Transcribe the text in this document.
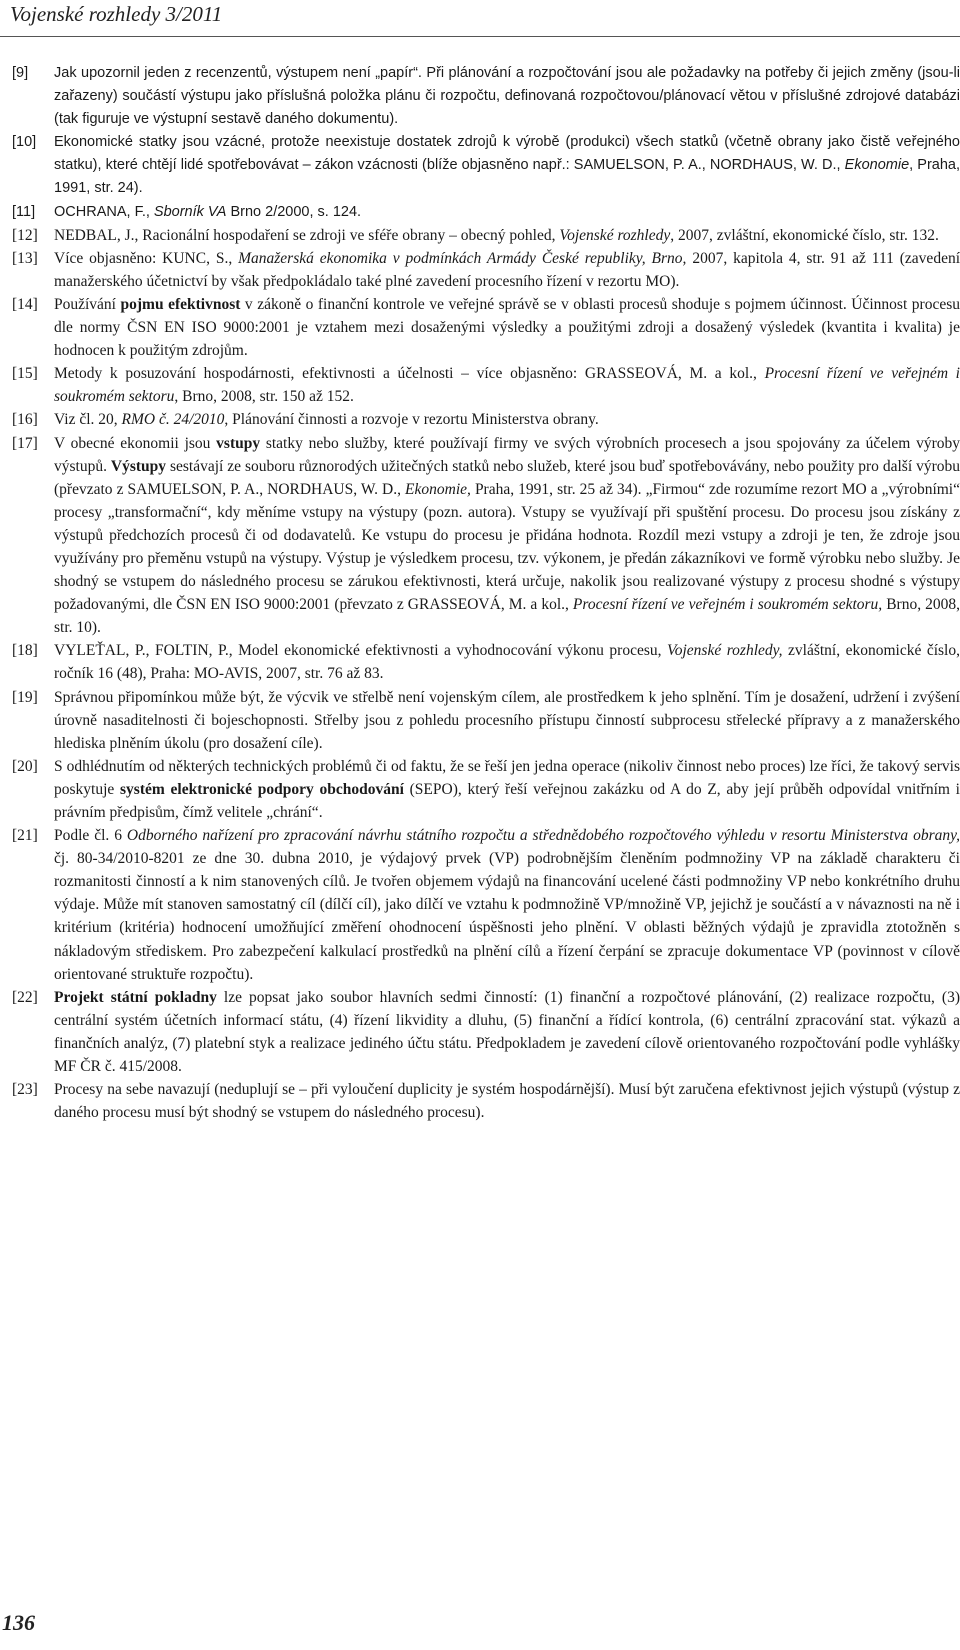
Vojenské rozhledy 3/2011

[9] Jak upozornil jeden z recenzentů, výstupem není „papír“. Při plánování a rozpočtování jsou ale požadavky na potřeby či jejich změny (jsou-li zařazeny) součástí výstupu jako příslušná položka plánu či rozpočtu, definovaná rozpočtovou/plánovací větou v příslušné zdrojové databázi (tak figuruje ve výstupní sestavě daného dokumentu).

[10] Ekonomické statky jsou vzácné, protože neexistuje dostatek zdrojů k výrobě (produkci) všech statků (včetně obrany jako čistě veřejného statku), které chtějí lidé spotřebovávat – zákon vzácnosti (blíže objasněno např.: SAMUELSON, P. A., NORDHAUS, W. D., Ekonomie, Praha, 1991, str. 24).

[11] OCHRANA, F., Sborník VA Brno 2/2000, s. 124.

[12] NEDBAL, J., Racionální hospodaření se zdroji ve sféře obrany – obecný pohled, Vojenské rozhledy, 2007, zvláštní, ekonomické číslo, str. 132.

[13] Více objasněno: KUNC, S., Manažerská ekonomika v podmínkách Armády České republiky, Brno, 2007, kapitola 4, str. 91 až 111 (zavedení manažerského účetnictví by však předpokládalo také plné zavedení procesního řízení v rezortu MO).

[14] Používání pojmu efektivnost v zákoně o finanční kontrole ve veřejné správě se v oblasti procesů shoduje s pojmem účinnost. Účinnost procesu dle normy ČSN EN ISO 9000:2001 je vztahem mezi dosaženými výsledky a použitými zdroji a dosažený výsledek (kvantita i kvalita) je hodnocen k použitým zdrojům.

[15] Metody k posuzování hospodárnosti, efektivnosti a účelnosti – více objasněno: GRASSEOVÁ, M. a kol., Procesní řízení ve veřejném i soukromém sektoru, Brno, 2008, str. 150 až 152.

[16] Viz čl. 20, RMO č. 24/2010, Plánování činnosti a rozvoje v rezortu Ministerstva obrany.

[17] V obecné ekonomii jsou vstupy statky nebo služby, které používají firmy ve svých výrobních procesech a jsou spojovány za účelem výroby výstupů. Výstupy sestávají ze souboru různorodých užitečných statků nebo služeb, které jsou buď spotřebovávány, nebo použity pro další výrobu (převzato z SAMUELSON, P. A., NORDHAUS, W. D., Ekonomie, Praha, 1991, str. 25 až 34). „Firmou“ zde rozumíme rezort MO a „výrobními“ procesy „transformační“, kdy měníme vstupy na výstupy (pozn. autora). Vstupy se využívají při spuštění procesu. Do procesu jsou získány z výstupů předchozích procesů či od dodavatelů. Ke vstupu do procesu je přidána hodnota. Rozdíl mezi vstupy a zdroji je ten, že zdroje jsou využívány pro přeměnu vstupů na výstupy. Výstup je výsledkem procesu, tzv. výkonem, je předán zákazníkovi ve formě výrobku nebo služby. Je shodný se vstupem do následného procesu se zárukou efektivnosti, která určuje, nakolik jsou realizované výstupy z procesu shodné s výstupy požadovanými, dle ČSN EN ISO 9000:2001 (převzato z GRASSEOVÁ, M. a kol., Procesní řízení ve veřejném i soukromém sektoru, Brno, 2008, str. 10).

[18] VYLEŤAL, P., FOLTIN, P., Model ekonomické efektivnosti a vyhodnocování výkonu procesu, Vojenské rozhledy, zvláštní, ekonomické číslo, ročník 16 (48), Praha: MO-AVIS, 2007, str. 76 až 83.

[19] Správnou připomínkou může být, že výcvik ve střelbě není vojenským cílem, ale prostředkem k jeho splnění. Tím je dosažení, udržení i zvýšení úrovně nasaditelnosti či bojeschopnosti. Střelby jsou z pohledu procesního přístupu činností subprocesu střelecké přípravy a z manažerského hlediska plněním úkolu (pro dosažení cíle).

[20] S odhlédnutím od některých technických problémů či od faktu, že se řeší jen jedna operace (nikoliv činnost nebo proces) lze říci, že takový servis poskytuje systém elektronické podpory obchodování (SEPO), který řeší veřejnou zakázku od A do Z, aby její průběh odpovídal vnitřním i právním předpisům, čímž velitele „chrání“.

[21] Podle čl. 6 Odborného nařízení pro zpracování návrhu státního rozpočtu a střednědobého rozpočtového výhledu v resortu Ministerstva obrany, čj. 80-34/2010-8201 ze dne 30. dubna 2010, je výdajový prvek (VP) podrobnějším členěním podmnožiny VP na základě charakteru či rozmanitosti činností a k nim stanovených cílů. Je tvořen objemem výdajů na financování ucelené části podmnožiny VP nebo konkrétního druhu výdaje. Může mít stanoven samostatný cíl (dílčí cíl), jako dílčí ve vztahu k podmnožině VP/množině VP, jejichž je součástí a v návaznosti na ně i kritérium (kritéria) hodnocení umožňující změření ohodnocení úspěšnosti jeho plnění. V oblasti běžných výdajů je zpravidla ztotožněn s nákladovým střediskem. Pro zabezpečení kalkulací prostředků na plnění cílů a řízení čerpání se zpracuje dokumentace VP (povinnost v cílově orientované struktuře rozpočtu).

[22] Projekt státní pokladny lze popsat jako soubor hlavních sedmi činností: (1) finanční a rozpočtové plánování, (2) realizace rozpočtu, (3) centrální systém účetních informací státu, (4) řízení likvidity a dluhu, (5) finanční a řídící kontrola, (6) centrální zpracování stat. výkazů a finančních analýz, (7) platební styk a realizace jediného účtu státu. Předpokladem je zavedení cílově orientovaného rozpočtování podle vyhlášky MF ČR č. 415/2008.

[23] Procesy na sebe navazují (neduplují se – při vyloučení duplicity je systém hospodárnější). Musí být zaručena efektivnost jejich výstupů (výstup z daného procesu musí být shodný se vstupem do následného procesu).

136
